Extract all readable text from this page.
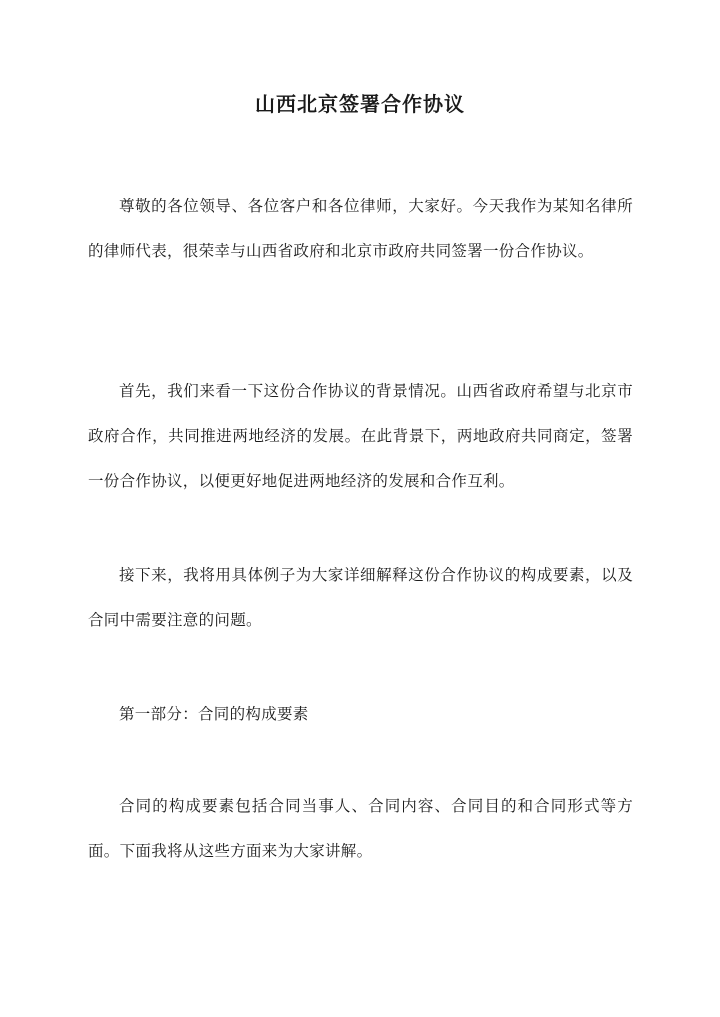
山西北京签署合作协议

尊敬的各位领导、各位客户和各位律师，大家好。今天我作为某知名律所的律师代表，很荣幸与山西省政府和北京市政府共同签署一份合作协议。

首先，我们来看一下这份合作协议的背景情况。山西省政府希望与北京市政府合作，共同推进两地经济的发展。在此背景下，两地政府共同商定，签署一份合作协议，以便更好地促进两地经济的发展和合作互利。

接下来，我将用具体例子为大家详细解释这份合作协议的构成要素，以及合同中需要注意的问题。

第一部分：合同的构成要素

合同的构成要素包括合同当事人、合同内容、合同目的和合同形式等方面。下面我将从这些方面来为大家讲解。
